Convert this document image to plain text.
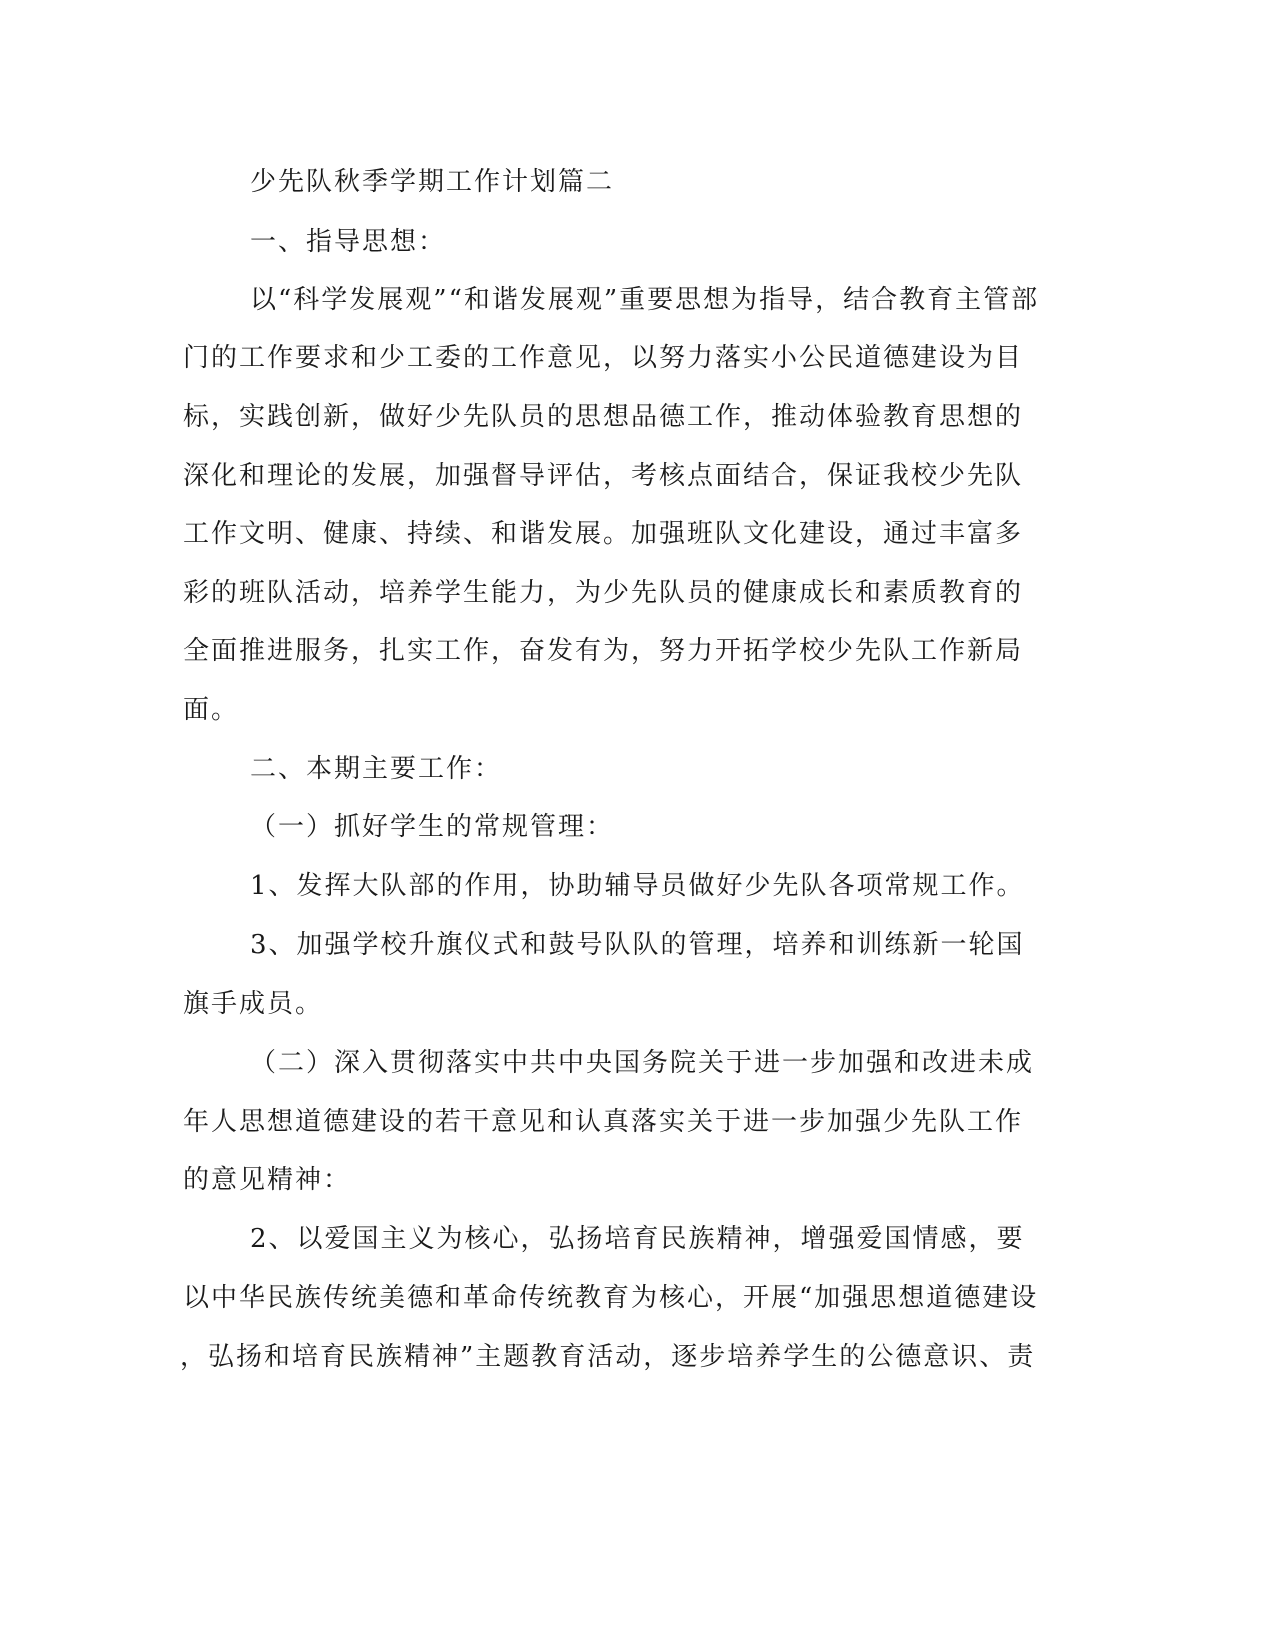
少先队秋季学期工作计划篇二
一、指导思想：
以“科学发展观”“和谐发展观”重要思想为指导，结合教育主管部
门的工作要求和少工委的工作意见，以努力落实小公民道德建设为目
标，实践创新，做好少先队员的思想品德工作，推动体验教育思想的
深化和理论的发展，加强督导评估，考核点面结合，保证我校少先队
工作文明、健康、持续、和谐发展。加强班队文化建设，通过丰富多
彩的班队活动，培养学生能力，为少先队员的健康成长和素质教育的
全面推进服务，扎实工作，奋发有为，努力开拓学校少先队工作新局
面。
二、本期主要工作：
（一）抓好学生的常规管理：
1、发挥大队部的作用，协助辅导员做好少先队各项常规工作。
3、加强学校升旗仪式和鼓号队队的管理，培养和训练新一轮国
旗手成员。
（二）深入贯彻落实中共中央国务院关于进一步加强和改进未成
年人思想道德建设的若干意见和认真落实关于进一步加强少先队工作
的意见精神：
2、以爱国主义为核心，弘扬培育民族精神，增强爱国情感，要
以中华民族传统美德和革命传统教育为核心，开展“加强思想道德建设
，弘扬和培育民族精神”主题教育活动，逐步培养学生的公德意识、责
